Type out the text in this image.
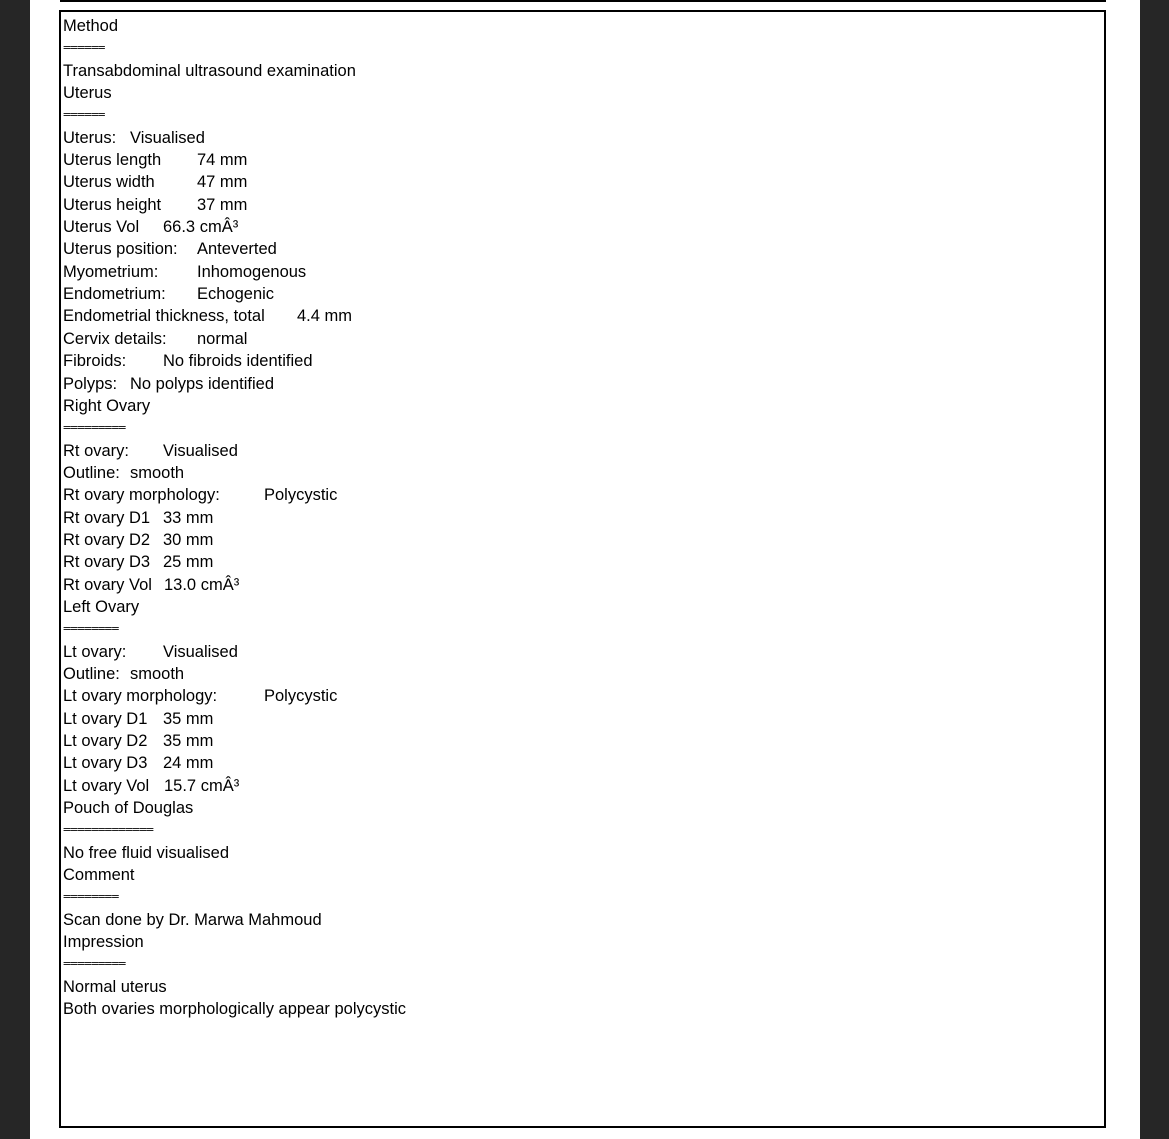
Method
======
Transabdominal ultrasound examination
Uterus
======
Uterus: Visualised
Uterus length 74 mm
Uterus width	47 mm
Uterus height 37 mm
Uterus Vol 66.3 cmÂ³
Uterus position: Anteverted
Myometrium: Inhomogenous
Endometrium: Echogenic
Endometrial thickness, total 4.4 mm
Cervix details: normal
Fibroids: No fibroids identified
Polyps: No polyps identified
Right Ovary
=========
Rt ovary: Visualised
Outline: smooth
Rt ovary morphology:	Polycystic
Rt ovary D1 33 mm
Rt ovary D2 30 mm
Rt ovary D3 25 mm
Rt ovary Vol 13.0 cmÂ³
Left Ovary
========
Lt ovary: Visualised
Outline: smooth
Lt ovary morphology:	Polycystic
Lt ovary D1 35 mm
Lt ovary D2 35 mm
Lt ovary D3 24 mm
Lt ovary Vol 15.7 cmÂ³
Pouch of Douglas
=============
No free fluid visualised
Comment
========
Scan done by Dr. Marwa Mahmoud
Impression
=========
Normal uterus
Both ovaries morphologically appear polycystic
